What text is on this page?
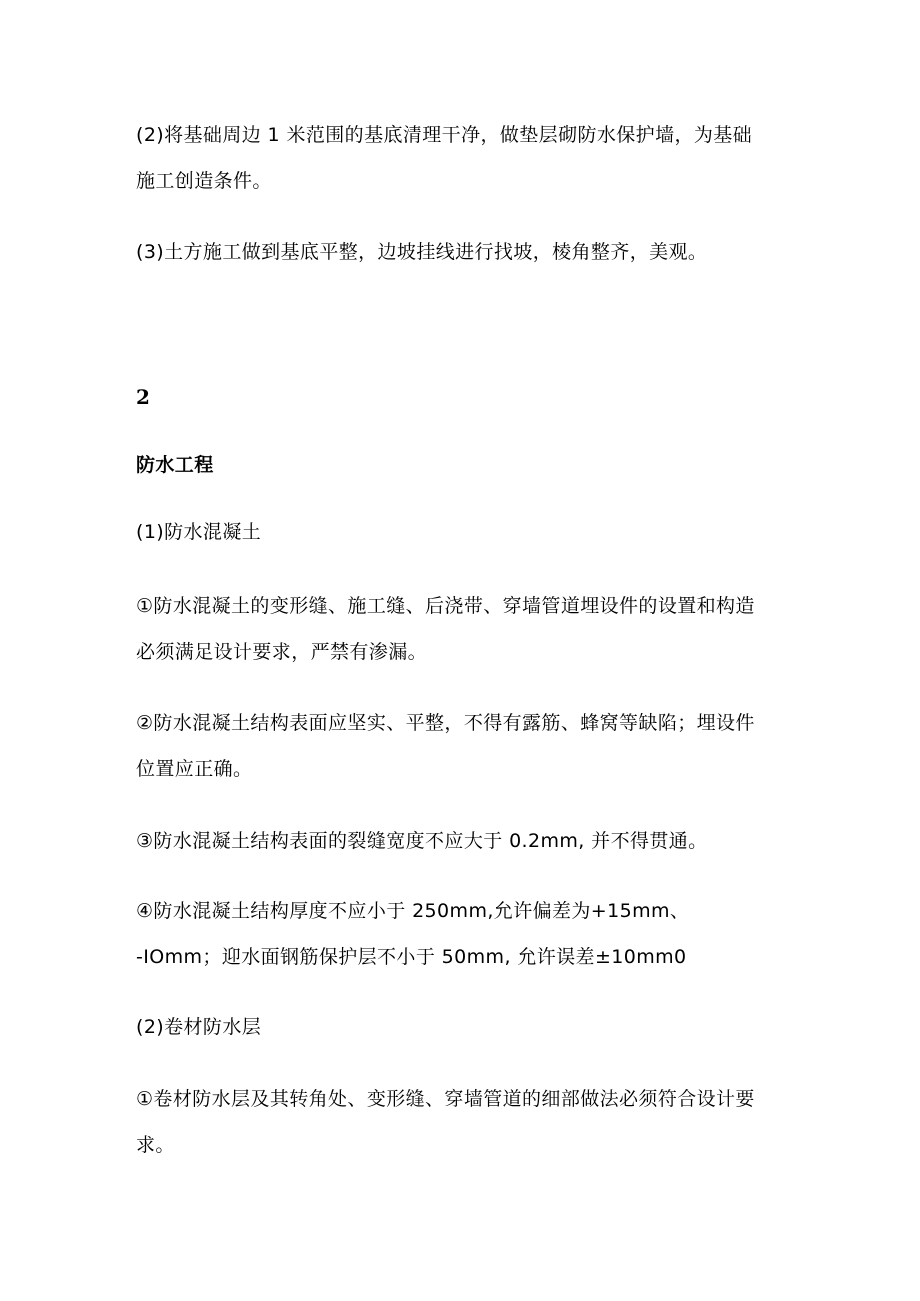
(2)将基础周边 1 米范围的基底清理干净，做垫层砌防水保护墙，为基础
施工创造条件。

(3)土方施工做到基底平整，边坡挂线进行找坡，棱角整齐，美观。

2

防水工程

(1)防水混凝土

①防水混凝土的变形缝、施工缝、后浇带、穿墙管道埋设件的设置和构造
必须满足设计要求，严禁有渗漏。

②防水混凝土结构表面应坚实、平整，不得有露筋、蜂窝等缺陷；埋设件
位置应正确。

③防水混凝土结构表面的裂缝宽度不应大于 0.2mm, 并不得贯通。

④防水混凝土结构厚度不应小于 250mm,允许偏差为+15mm、
-IOmm；迎水面钢筋保护层不小于 50mm, 允许误差±10mm0

(2)卷材防水层

①卷材防水层及其转角处、变形缝、穿墙管道的细部做法必须符合设计要
求。
